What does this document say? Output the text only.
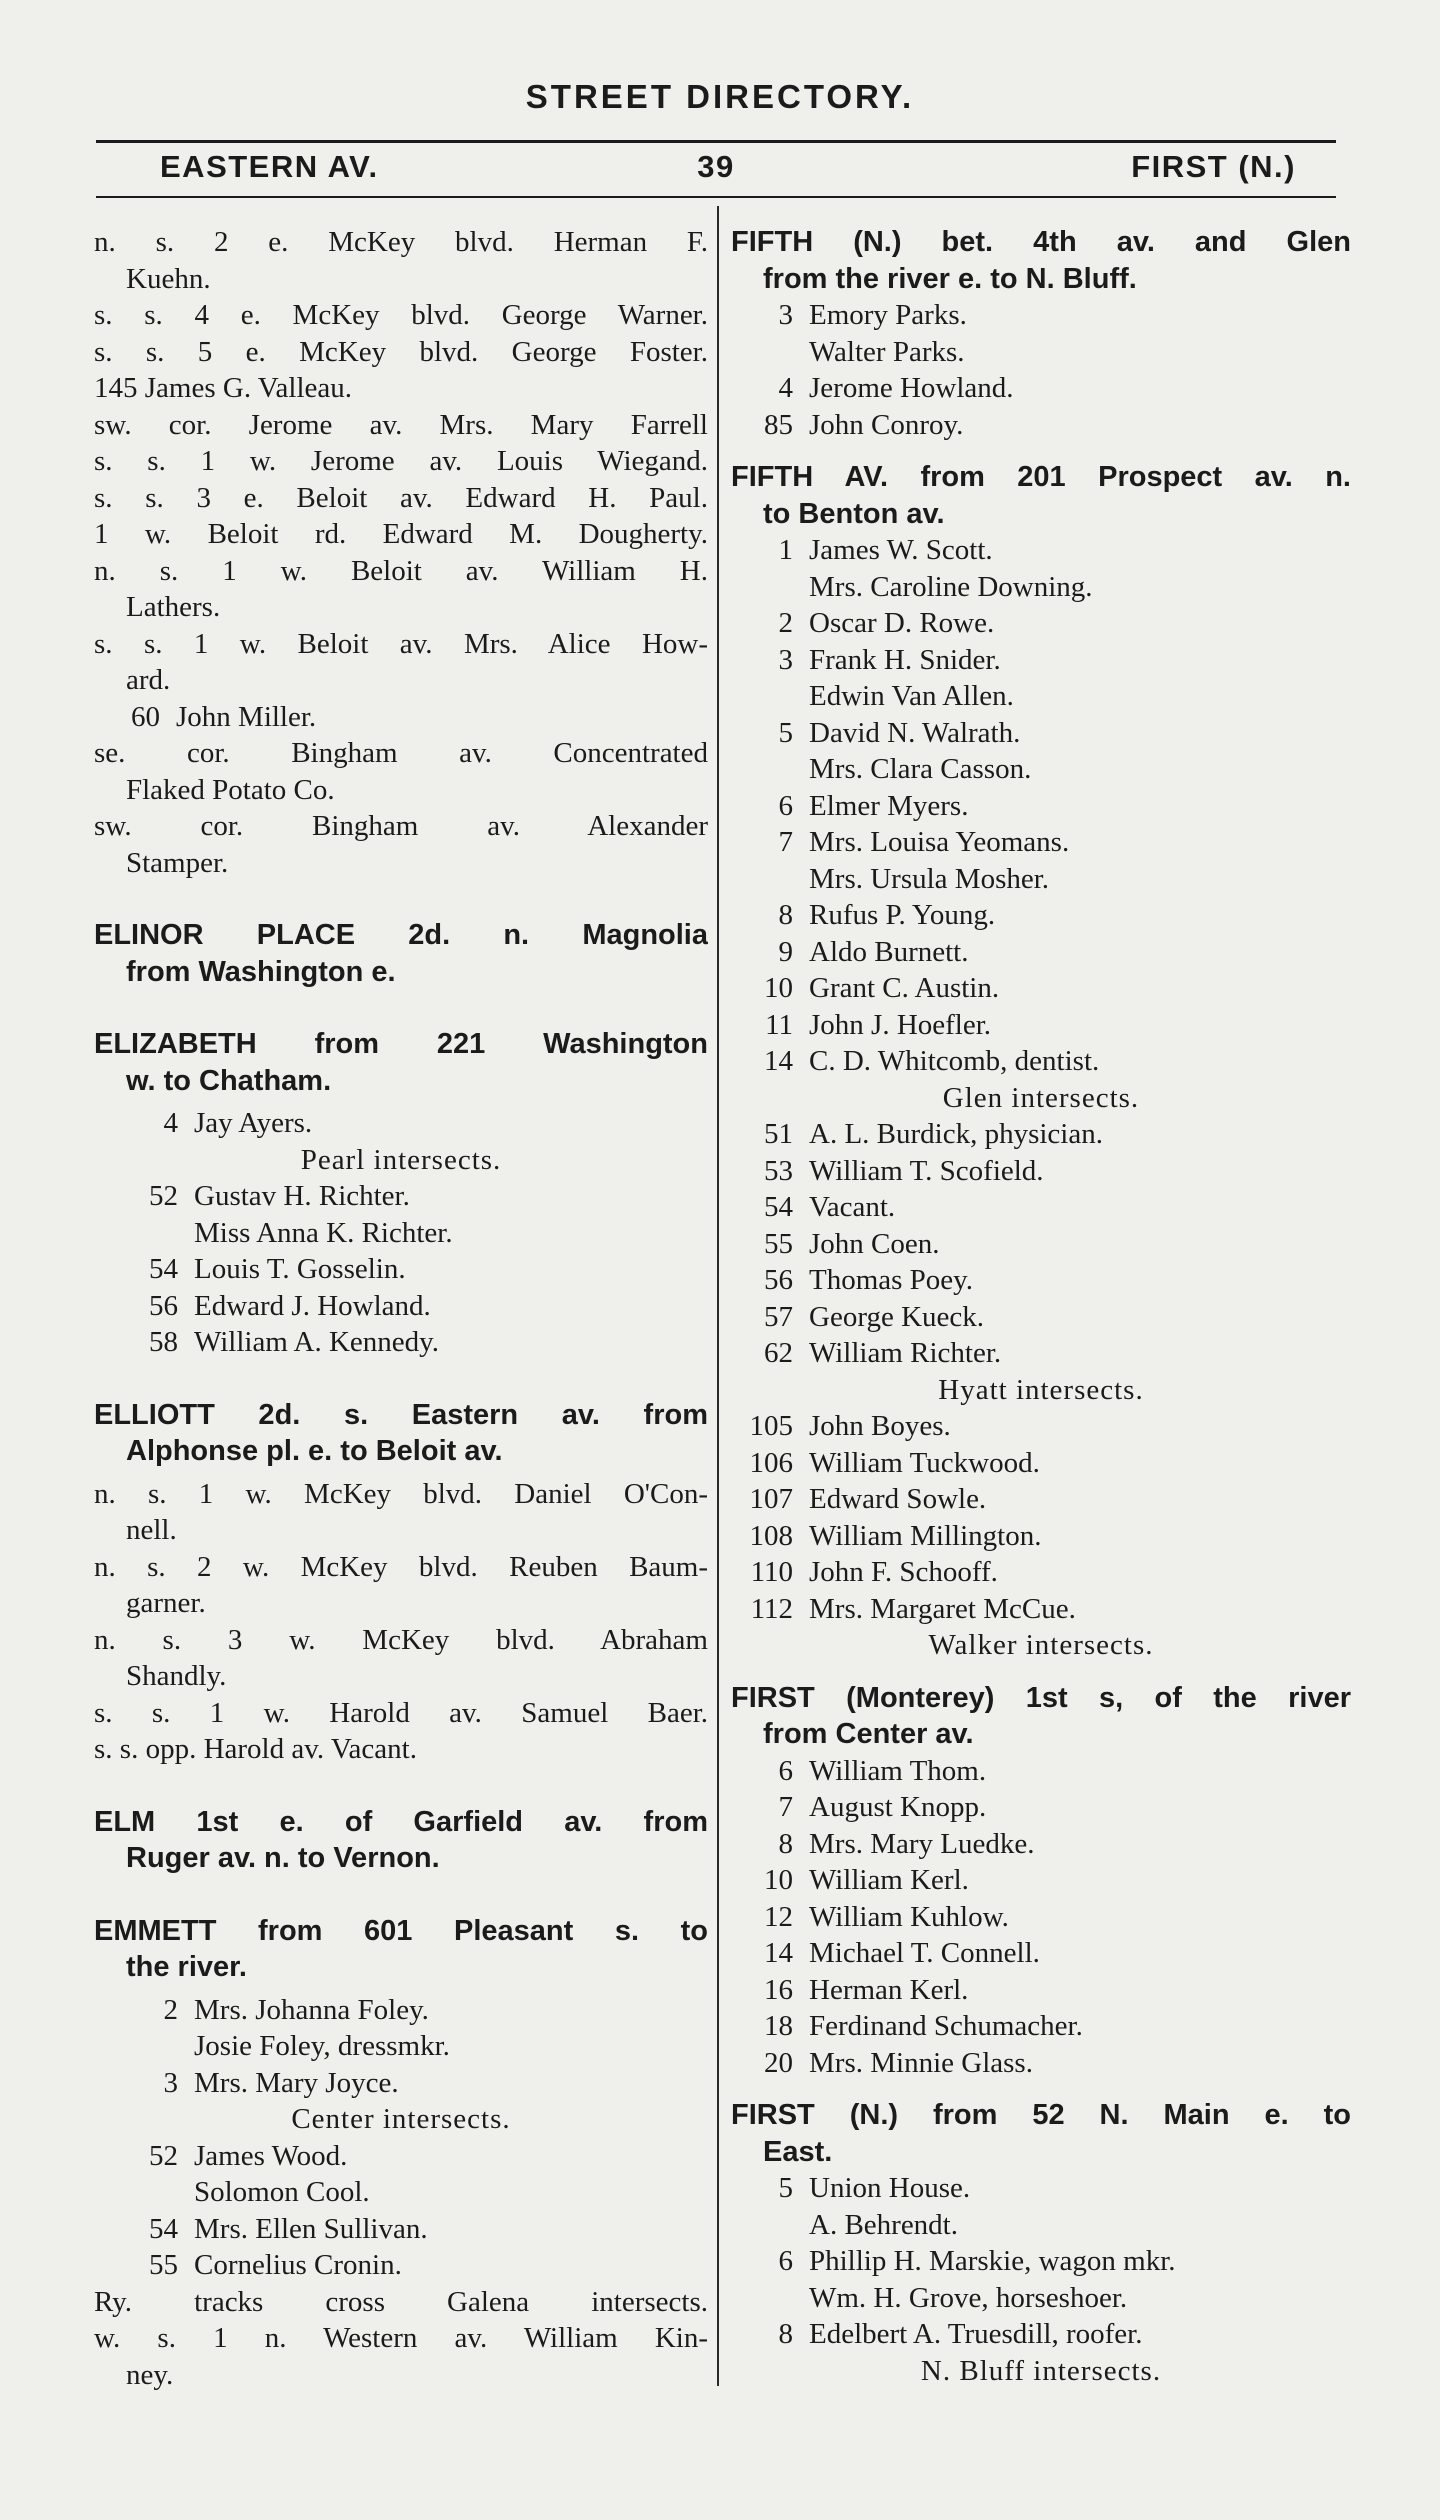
STREET DIRECTORY.
EASTERN AV.	39	FIRST (N.)
n. s. 2 e. McKey blvd. Herman F.
Kuehn.
s. s. 4 e. McKey blvd. George Warner.
s. s. 5 e. McKey blvd. George Foster.
145 James G. Valleau.
sw. cor. Jerome av. Mrs. Mary Farrell
s. s. 1 w. Jerome av. Louis Wiegand.
s. s. 3 e. Beloit av. Edward H. Paul.
1 w. Beloit rd. Edward M. Dougherty.
n. s. 1 w. Beloit av. William H.
Lathers.
s. s. 1 w. Beloit av. Mrs. Alice How-
ard.
60 John Miller.
se. cor. Bingham av. Concentrated
Flaked Potato Co.
sw. cor. Bingham av. Alexander
Stamper.
ELINOR PLACE 2d. n. Magnolia
from Washington e.
ELIZABETH from 221 Washington
w. to Chatham.
4 Jay Ayers.
Pearl intersects.
52 Gustav H. Richter.
Miss Anna K. Richter.
54 Louis T. Gosselin.
56 Edward J. Howland.
58 William A. Kennedy.
ELLIOTT 2d. s. Eastern av. from
Alphonse pl. e. to Beloit av.
n. s. 1 w. McKey blvd. Daniel O'Con-
nell.
n. s. 2 w. McKey blvd. Reuben Baum-
garner.
n. s. 3 w. McKey blvd. Abraham
Shandly.
s. s. 1 w. Harold av. Samuel Baer.
s. s. opp. Harold av. Vacant.
ELM 1st e. of Garfield av. from
Ruger av. n. to Vernon.
EMMETT from 601 Pleasant s. to
the river.
2 Mrs. Johanna Foley.
Josie Foley, dressmkr.
3 Mrs. Mary Joyce.
Center intersects.
52 James Wood.
Solomon Cool.
54 Mrs. Ellen Sullivan.
55 Cornelius Cronin.
Ry. tracks cross Galena intersects.
w. s. 1 n. Western av. William Kin-
ney.
FIFTH (N.) bet. 4th av. and Glen
from the river e. to N. Bluff.
3 Emory Parks.
Walter Parks.
4 Jerome Howland.
85 John Conroy.
FIFTH AV. from 201 Prospect av. n.
to Benton av.
1 James W. Scott.
Mrs. Caroline Downing.
2 Oscar D. Rowe.
3 Frank H. Snider.
Edwin Van Allen.
5 David N. Walrath.
Mrs. Clara Casson.
6 Elmer Myers.
7 Mrs. Louisa Yeomans.
Mrs. Ursula Mosher.
8 Rufus P. Young.
9 Aldo Burnett.
10 Grant C. Austin.
11 John J. Hoefler.
14 C. D. Whitcomb, dentist.
Glen intersects.
51 A. L. Burdick, physician.
53 William T. Scofield.
54 Vacant.
55 John Coen.
56 Thomas Poey.
57 George Kueck.
62 William Richter.
Hyatt intersects.
105 John Boyes.
106 William Tuckwood.
107 Edward Sowle.
108 William Millington.
110 John F. Schooff.
112 Mrs. Margaret McCue.
Walker intersects.
FIRST (Monterey) 1st s, of the river
from Center av.
6 William Thom.
7 August Knopp.
8 Mrs. Mary Luedke.
10 William Kerl.
12 William Kuhlow.
14 Michael T. Connell.
16 Herman Kerl.
18 Ferdinand Schumacher.
20 Mrs. Minnie Glass.
FIRST (N.) from 52 N. Main e. to
East.
5 Union House.
A. Behrendt.
6 Phillip H. Marskie, wagon mkr.
Wm. H. Grove, horseshoer.
8 Edelbert A. Truesdill, roofer.
N. Bluff intersects.
